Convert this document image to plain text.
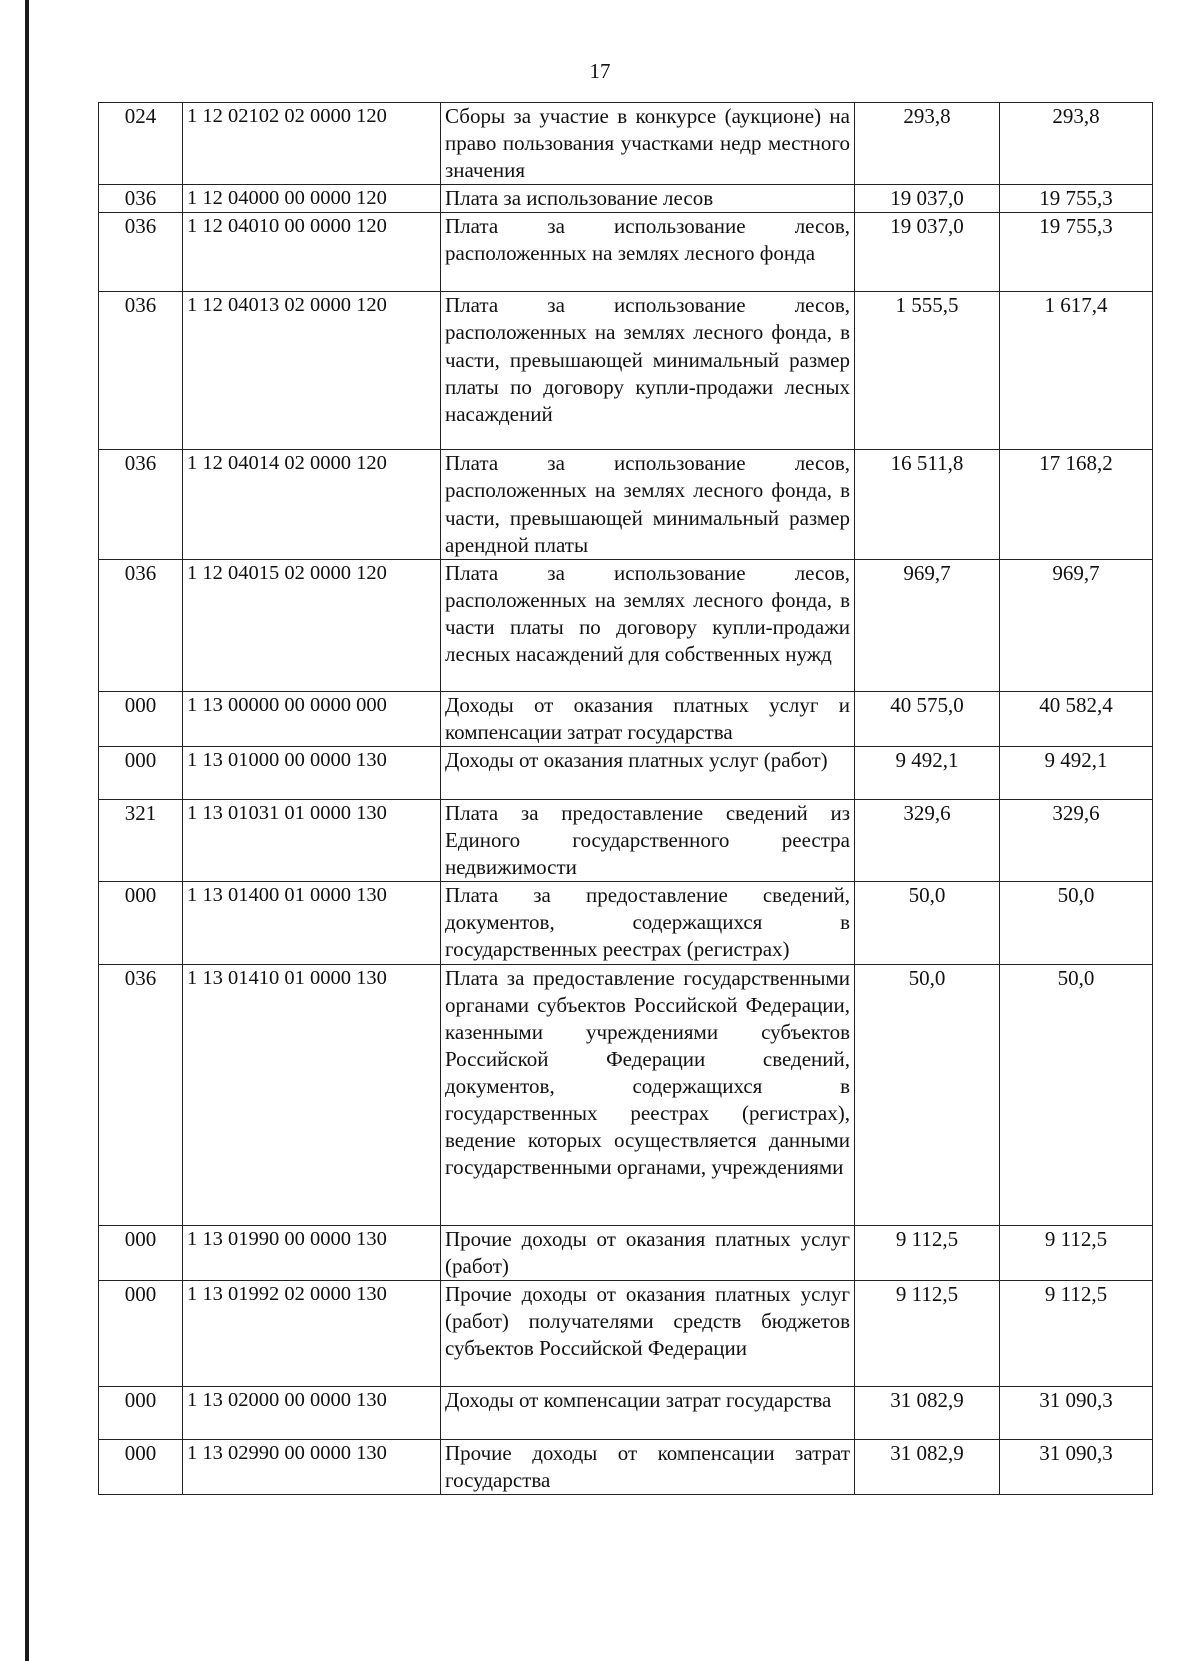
17
024	1 12 02102 02 0000 120	Сборы за участие в конкурсе (аукционе) на право пользования участками недр местного значения	293,8	293,8
036	1 12 04000 00 0000 120	Плата за использование лесов	19 037,0	19 755,3
036	1 12 04010 00 0000 120	Плата за использование лесов, расположенных на землях лесного фонда	19 037,0	19 755,3
036	1 12 04013 02 0000 120	Плата за использование лесов, расположенных на землях лесного фонда, в части, превышающей минимальный размер платы по договору купли-продажи лесных насаждений	1 555,5	1 617,4
036	1 12 04014 02 0000 120	Плата за использование лесов, расположенных на землях лесного фонда, в части, превышающей минимальный размер арендной платы	16 511,8	17 168,2
036	1 12 04015 02 0000 120	Плата за использование лесов, расположенных на землях лесного фонда, в части платы по договору купли-продажи лесных насаждений для собственных нужд	969,7	969,7
000	1 13 00000 00 0000 000	Доходы от оказания платных услуг и компенсации затрат государства	40 575,0	40 582,4
000	1 13 01000 00 0000 130	Доходы от оказания платных услуг (работ)	9 492,1	9 492,1
321	1 13 01031 01 0000 130	Плата за предоставление сведений из Единого государственного реестра недвижимости	329,6	329,6
000	1 13 01400 01 0000 130	Плата за предоставление сведений, документов, содержащихся в государственных реестрах (регистрах)	50,0	50,0
036	1 13 01410 01 0000 130	Плата за предоставление государственными органами субъектов Российской Федерации, казенными учреждениями субъектов Российской Федерации сведений, документов, содержащихся в государственных реестрах (регистрах), ведение которых осуществляется данными государственными органами, учреждениями	50,0	50,0
000	1 13 01990 00 0000 130	Прочие доходы от оказания платных услуг (работ)	9 112,5	9 112,5
000	1 13 01992 02 0000 130	Прочие доходы от оказания платных услуг (работ) получателями средств бюджетов субъектов Российской Федерации	9 112,5	9 112,5
000	1 13 02000 00 0000 130	Доходы от компенсации затрат государства	31 082,9	31 090,3
000	1 13 02990 00 0000 130	Прочие доходы от компенсации затрат государства	31 082,9	31 090,3
